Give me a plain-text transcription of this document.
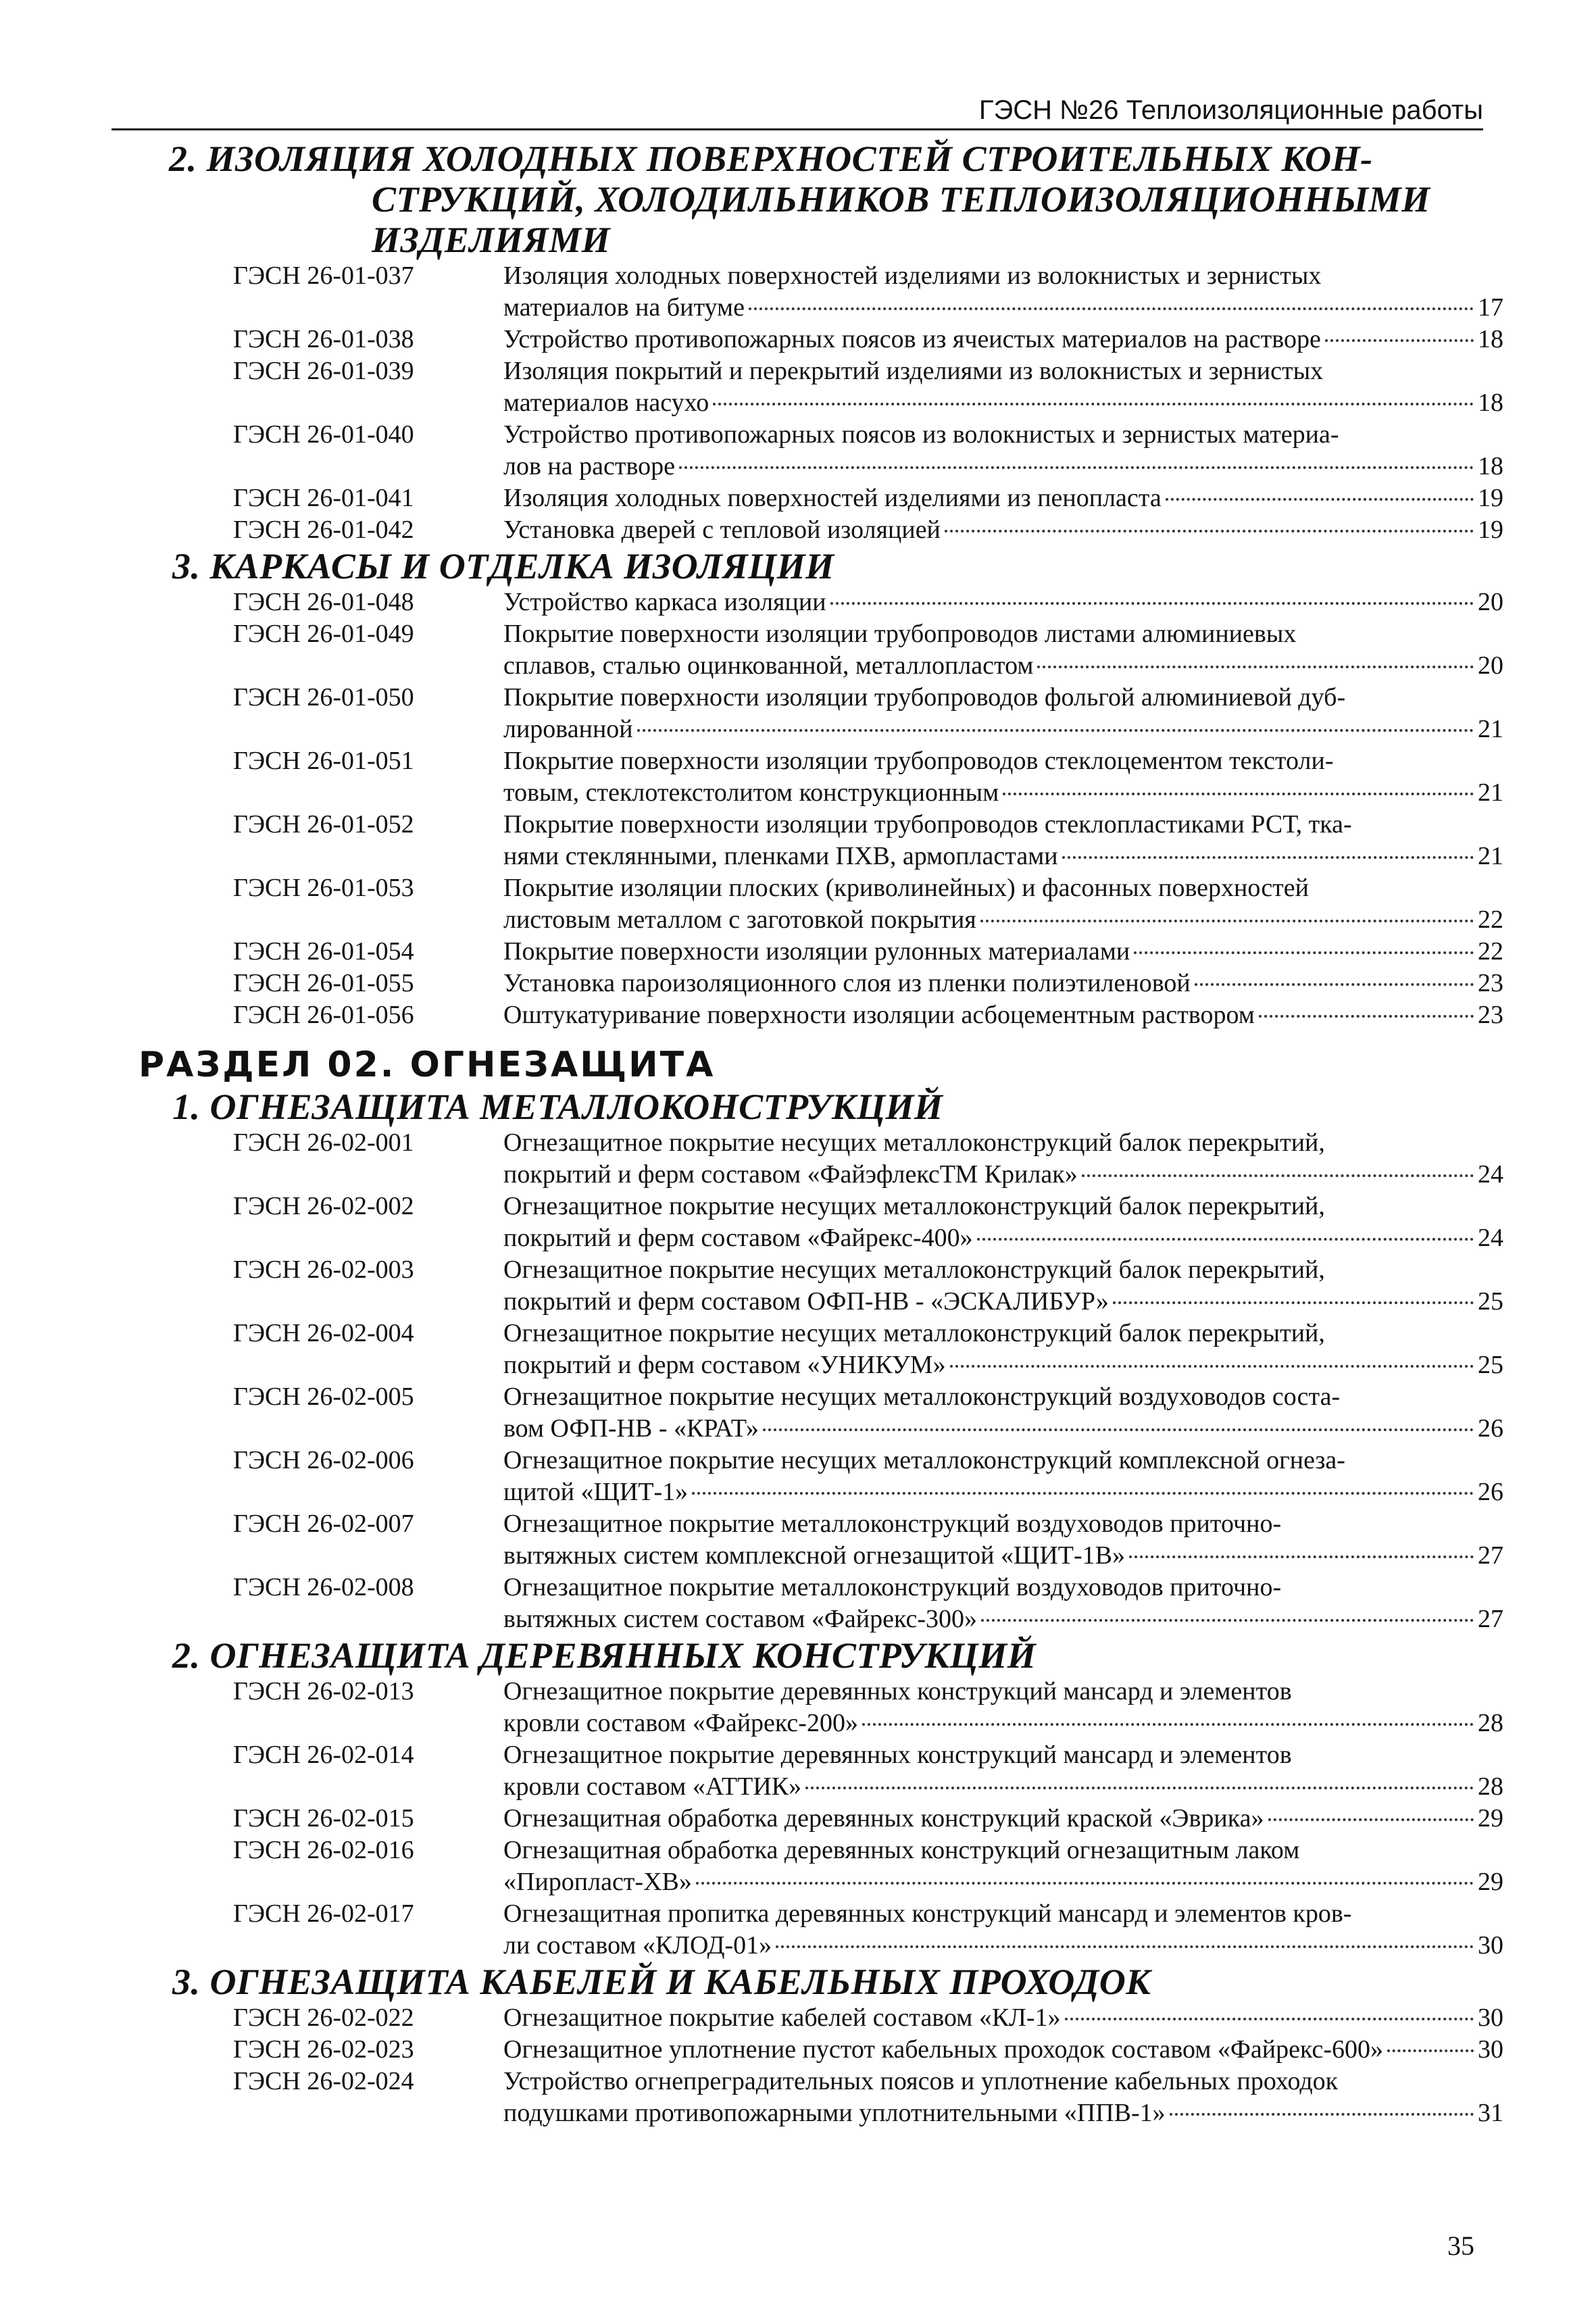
ГЭСН №26 Теплоизоляционные работы
2. ИЗОЛЯЦИЯ ХОЛОДНЫХ ПОВЕРХНОСТЕЙ СТРОИТЕЛЬНЫХ КОН-
СТРУКЦИЙ, ХОЛОДИЛЬНИКОВ ТЕПЛОИЗОЛЯЦИОННЫМИ
ИЗДЕЛИЯМИ
ГЭСН 26-01-037	Изоляция холодных поверхностей изделиями из волокнистых и зернистых
материалов на битуме	17
ГЭСН 26-01-038	Устройство противопожарных поясов из ячеистых материалов на растворе	18
ГЭСН 26-01-039	Изоляция покрытий и перекрытий изделиями из волокнистых и зернистых
материалов насухо	18
ГЭСН 26-01-040	Устройство противопожарных поясов из волокнистых и зернистых материа-
лов на растворе	18
ГЭСН 26-01-041	Изоляция холодных поверхностей изделиями из пенопласта	19
ГЭСН 26-01-042	Установка дверей с тепловой изоляцией	19
3. КАРКАСЫ И ОТДЕЛКА ИЗОЛЯЦИИ
ГЭСН 26-01-048	Устройство каркаса изоляции	20
ГЭСН 26-01-049	Покрытие поверхности изоляции трубопроводов листами алюминиевых
сплавов, сталью оцинкованной, металлопластом	20
ГЭСН 26-01-050	Покрытие поверхности изоляции трубопроводов фольгой алюминиевой дуб-
лированной	21
ГЭСН 26-01-051	Покрытие поверхности изоляции трубопроводов стеклоцементом текстоли-
товым, стеклотекстолитом конструкционным	21
ГЭСН 26-01-052	Покрытие поверхности изоляции трубопроводов стеклопластиками РСТ, тка-
нями стеклянными, пленками ПХВ, армопластами	21
ГЭСН 26-01-053	Покрытие изоляции плоских (криволинейных) и фасонных поверхностей
листовым металлом с заготовкой покрытия	22
ГЭСН 26-01-054	Покрытие поверхности изоляции рулонных материалами	22
ГЭСН 26-01-055	Установка пароизоляционного слоя из пленки полиэтиленовой	23
ГЭСН 26-01-056	Оштукатуривание поверхности изоляции асбоцементным раствором	23
РАЗДЕЛ 02. ОГНЕЗАЩИТА
1. ОГНЕЗАЩИТА МЕТАЛЛОКОНСТРУКЦИЙ
ГЭСН 26-02-001	Огнезащитное покрытие несущих металлоконструкций балок перекрытий,
покрытий и ферм составом «ФайэфлексТМ Крилак»	24
ГЭСН 26-02-002	Огнезащитное покрытие несущих металлоконструкций балок перекрытий,
покрытий и ферм составом «Файрекс-400»	24
ГЭСН 26-02-003	Огнезащитное покрытие несущих металлоконструкций балок перекрытий,
покрытий и ферм составом ОФП-НВ - «ЭСКАЛИБУР»	25
ГЭСН 26-02-004	Огнезащитное покрытие несущих металлоконструкций балок перекрытий,
покрытий и ферм составом «УНИКУМ»	25
ГЭСН 26-02-005	Огнезащитное покрытие несущих металлоконструкций воздуховодов соста-
вом ОФП-НВ - «КРАТ»	26
ГЭСН 26-02-006	Огнезащитное покрытие несущих металлоконструкций комплексной огнеза-
щитой «ЩИТ-1»	26
ГЭСН 26-02-007	Огнезащитное покрытие металлоконструкций воздуховодов приточно-
вытяжных систем комплексной огнезащитой «ЩИТ-1В»	27
ГЭСН 26-02-008	Огнезащитное покрытие металлоконструкций воздуховодов приточно-
вытяжных систем составом «Файрекс-300»	27
2. ОГНЕЗАЩИТА ДЕРЕВЯННЫХ КОНСТРУКЦИЙ
ГЭСН 26-02-013	Огнезащитное покрытие деревянных конструкций мансард и элементов
кровли составом «Файрекс-200»	28
ГЭСН 26-02-014	Огнезащитное покрытие деревянных конструкций мансард и элементов
кровли составом «АТТИК»	28
ГЭСН 26-02-015	Огнезащитная обработка деревянных конструкций краской «Эврика»	29
ГЭСН 26-02-016	Огнезащитная обработка деревянных конструкций огнезащитным лаком
«Пиропласт-ХВ»	29
ГЭСН 26-02-017	Огнезащитная пропитка деревянных конструкций мансард и элементов кров-
ли составом «КЛОД-01»	30
3. ОГНЕЗАЩИТА КАБЕЛЕЙ И КАБЕЛЬНЫХ ПРОХОДОК
ГЭСН 26-02-022	Огнезащитное покрытие кабелей составом «КЛ-1»	30
ГЭСН 26-02-023	Огнезащитное уплотнение пустот кабельных проходок составом «Файрекс-600»	30
ГЭСН 26-02-024	Устройство огнепреградительных поясов и уплотнение кабельных проходок
подушками противопожарными уплотнительными «ППВ-1»	31
35
